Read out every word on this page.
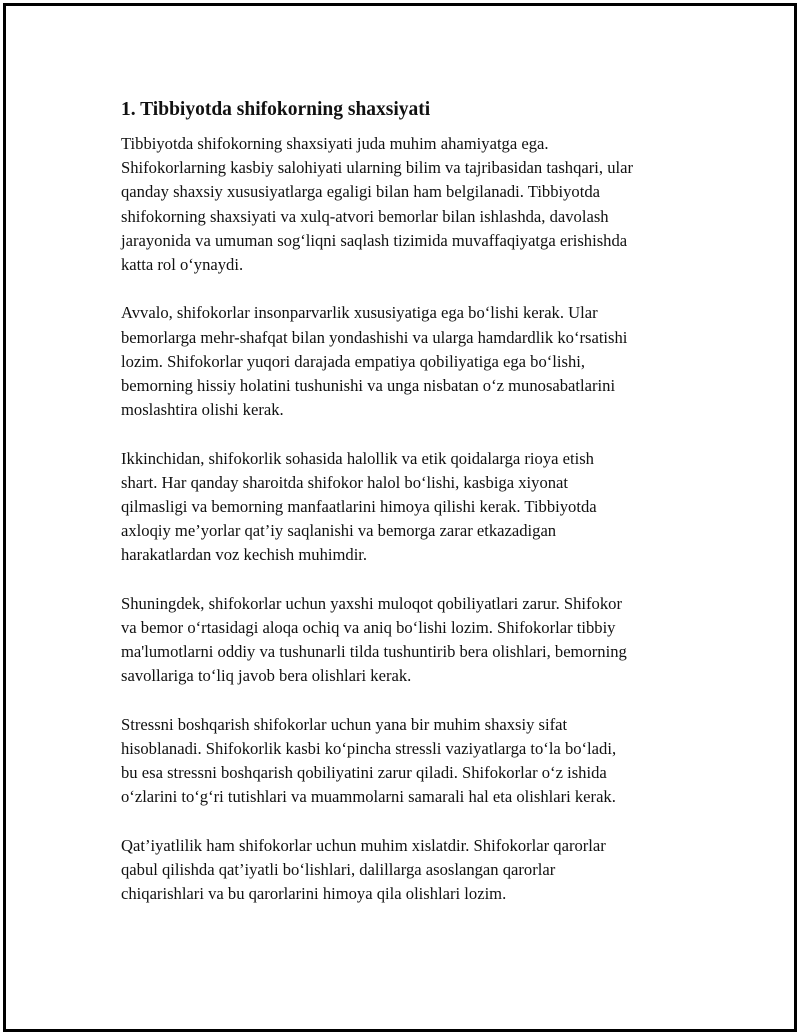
1. Tibbiyotda shifokorning shaxsiyati

Tibbiyotda shifokorning shaxsiyati juda muhim ahamiyatga ega.
Shifokorlarning kasbiy salohiyati ularning bilim va tajribasidan tashqari, ular
qanday shaxsiy xususiyatlarga egaligi bilan ham belgilanadi. Tibbiyotda
shifokorning shaxsiyati va xulq-atvori bemorlar bilan ishlashda, davolash
jarayonida va umuman sog‘liqni saqlash tizimida muvaffaqiyatga erishishda
katta rol o‘ynaydi.

Avvalo, shifokorlar insonparvarlik xususiyatiga ega bo‘lishi kerak. Ular
bemorlarga mehr-shafqat bilan yondashishi va ularga hamdardlik ko‘rsatishi
lozim. Shifokorlar yuqori darajada empatiya qobiliyatiga ega bo‘lishi,
bemorning hissiy holatini tushunishi va unga nisbatan o‘z munosabatlarini
moslashtira olishi kerak.

Ikkinchidan, shifokorlik sohasida halollik va etik qoidalarga rioya etish
shart. Har qanday sharoitda shifokor halol bo‘lishi, kasbiga xiyonat
qilmasligi va bemorning manfaatlarini himoya qilishi kerak. Tibbiyotda
axloqiy me’yorlar qat’iy saqlanishi va bemorga zarar etkazadigan
harakatlardan voz kechish muhimdir.

Shuningdek, shifokorlar uchun yaxshi muloqot qobiliyatlari zarur. Shifokor
va bemor o‘rtasidagi aloqa ochiq va aniq bo‘lishi lozim. Shifokorlar tibbiy
ma'lumotlarni oddiy va tushunarli tilda tushuntirib bera olishlari, bemorning
savollariga to‘liq javob bera olishlari kerak.

Stressni boshqarish shifokorlar uchun yana bir muhim shaxsiy sifat
hisoblanadi. Shifokorlik kasbi ko‘pincha stressli vaziyatlarga to‘la bo‘ladi,
bu esa stressni boshqarish qobiliyatini zarur qiladi. Shifokorlar o‘z ishida
o‘zlarini to‘g‘ri tutishlari va muammolarni samarali hal eta olishlari kerak.

Qat’iyatlilik ham shifokorlar uchun muhim xislatdir. Shifokorlar qarorlar
qabul qilishda qat’iyatli bo‘lishlari, dalillarga asoslangan qarorlar
chiqarishlari va bu qarorlarini himoya qila olishlari lozim.
